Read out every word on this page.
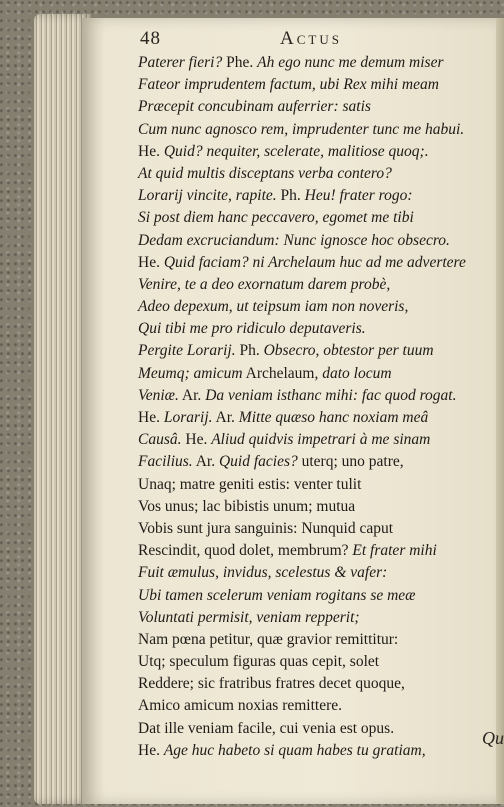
48	Actus
Paterer fieri? Phe. Ah ego nunc me demum miser
Fateor imprudentem factum, ubi Rex mihi meam
Præcepit concubinam auferrier: satis
Cum nunc agnosco rem, imprudenter tunc me habui.
He. Quid? nequiter, scelerate, malitiose quoq;.
At quid multis disceptans verba contero?
Lorarij vincite, rapite. Ph. Heu! frater rogo:
Si post diem hanc peccavero, egomet me tibi
Dedam excruciandum: Nunc ignosce hoc obsecro.
He. Quid faciam? ni Archelaum huc ad me advertere
Venire, te a deo exornatum darem probè,
Adeo depexum, ut teipsum iam non noveris,
Qui tibi me pro ridiculo deputaveris.
Pergite Lorarij. Ph. Obsecro, obtestor per tuum
Meumq; amicum Archelaum, dato locum
Veniæ. Ar. Da veniam isthanc mihi: fac quod rogat.
He. Lorarij. Ar. Mitte quæso hanc noxiam meâ
Causâ. He. Aliud quidvis impetrari à me sinam
Facilius. Ar. Quid facies? uterq; uno patre,
Unaq; matre geniti estis: venter tulit
Vos unus; lac bibistis unum; mutua
Vobis sunt jura sanguinis: Nunquid caput
Rescindit, quod dolet, membrum? Et frater mihi
Fuit æmulus, invidus, scelestus & vafer:
Ubi tamen scelerum veniam rogitans se meæ
Voluntati permisit, veniam repperit;
Nam pœna petitur, quæ gravior remittitur:
Utq; speculum figuras quas cepit, solet
Reddere; sic fratribus fratres decet quoque,
Amico amicum noxias remittere.
Dat ille veniam facile, cui venia est opus.
He. Age huc habeto si quam habes tu gratiam,
Qu
